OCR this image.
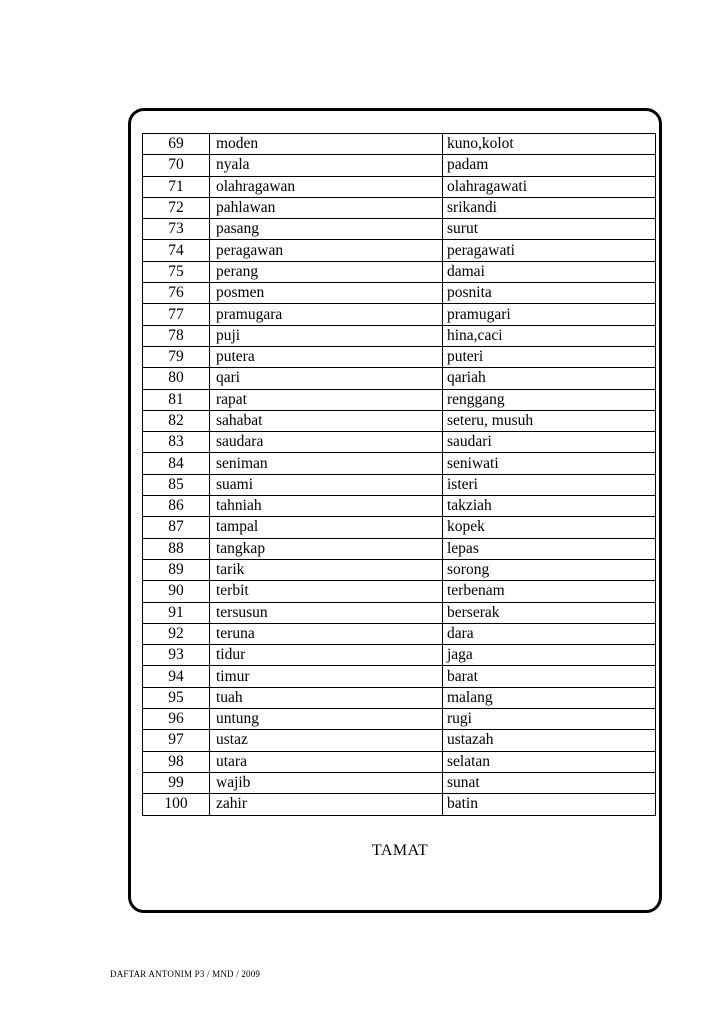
69	moden	kuno,kolot
70	nyala	padam
71	olahragawan	olahragawati
72	pahlawan	srikandi
73	pasang	surut
74	peragawan	peragawati
75	perang	damai
76	posmen	posnita
77	pramugara	pramugari
78	puji	hina,caci
79	putera	puteri
80	qari	qariah
81	rapat	renggang
82	sahabat	seteru, musuh
83	saudara	saudari
84	seniman	seniwati
85	suami	isteri
86	tahniah	takziah
87	tampal	kopek
88	tangkap	lepas
89	tarik	sorong
90	terbit	terbenam
91	tersusun	berserak
92	teruna	dara
93	tidur	jaga
94	timur	barat
95	tuah	malang
96	untung	rugi
97	ustaz	ustazah
98	utara	selatan
99	wajib	sunat
100	zahir	batin
TAMAT
DAFTAR ANTONIM P3 / MND / 2009
